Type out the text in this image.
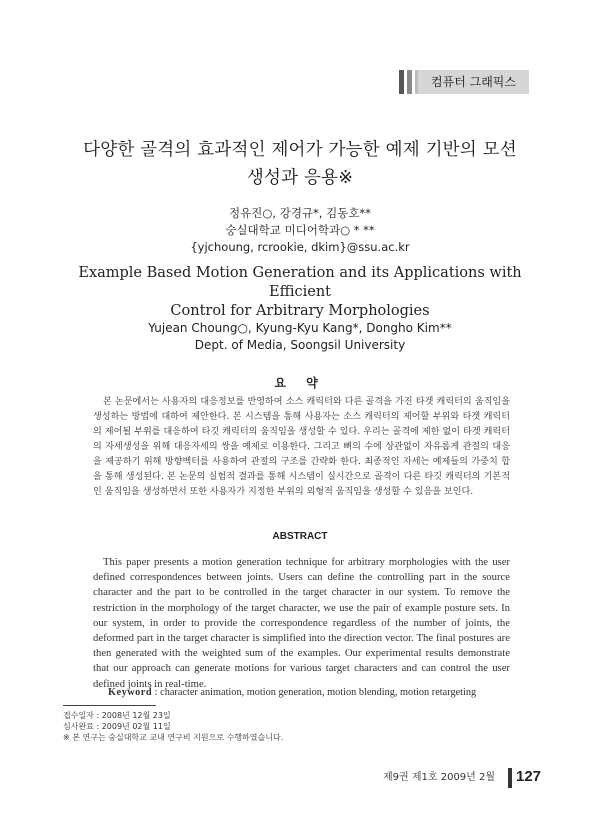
컴퓨터 그래픽스
다양한 골격의 효과적인 제어가 가능한 예제 기반의 모션
생성과 응용※
정유진○, 강경규*, 김동호**
숭실대학교 미디어학과○ * **
{yjchoung, rcrookie, dkim}@ssu.ac.kr
Example Based Motion Generation and its Applications with Efficient
Control for Arbitrary Morphologies
Yujean Choung○, Kyung-Kyu Kang*, Dongho Kim**
Dept. of Media, Soongsil University
요 약
본 논문에서는 사용자의 대응정보를 반영하여 소스 캐릭터와 다른 골격을 가진 타겟 캐릭터의 움직임을 생성하는 방법에 대하여 제안한다. 본 시스템을 통해 사용자는 소스 캐릭터의 제어할 부위와 타겟 캐릭터의 제어될 부위를 대응하여 타깃 캐릭터의 움직임을 생성할 수 있다. 우리는 골격에 제한 없이 타겟 캐릭터의 자세생성을 위해 대응자세의 쌍을 예제로 이용한다. 그리고 뼈의 수에 상관없이 자유롭게 관절의 대응을 제공하기 위해 방향벡터를 사용하여 관절의 구조를 간략화 한다. 최종적인 자세는 예제들의 가중치 합을 통해 생성된다. 본 논문의 실험적 결과를 통해 시스템이 실시간으로 골격이 다른 타깃 캐릭터의 기본적인 움직임을 생성하면서 또한 사용자가 지정한 부위의 외형적 움직임을 생성할 수 있음을 보인다.
ABSTRACT
This paper presents a motion generation technique for arbitrary morphologies with the user defined correspondences between joints. Users can define the controlling part in the source character and the part to be controlled in the target character in our system. To remove the restriction in the morphology of the target character, we use the pair of example posture sets. In our system, in order to provide the correspondence regardless of the number of joints, the deformed part in the target character is simplified into the direction vector. The final postures are then generated with the weighted sum of the examples. Our experimental results demonstrate that our approach can generate motions for various target characters and can control the user defined joints in real-time.
Keyword : character animation, motion generation, motion blending, motion retargeting
접수일자 : 2008년 12월 23일
심사완료 : 2009년 02월 11일
※ 본 연구는 숭실대학교 교내 연구비 지원으로 수행하였습니다.
제9권 제1호 2009년 2월 127
